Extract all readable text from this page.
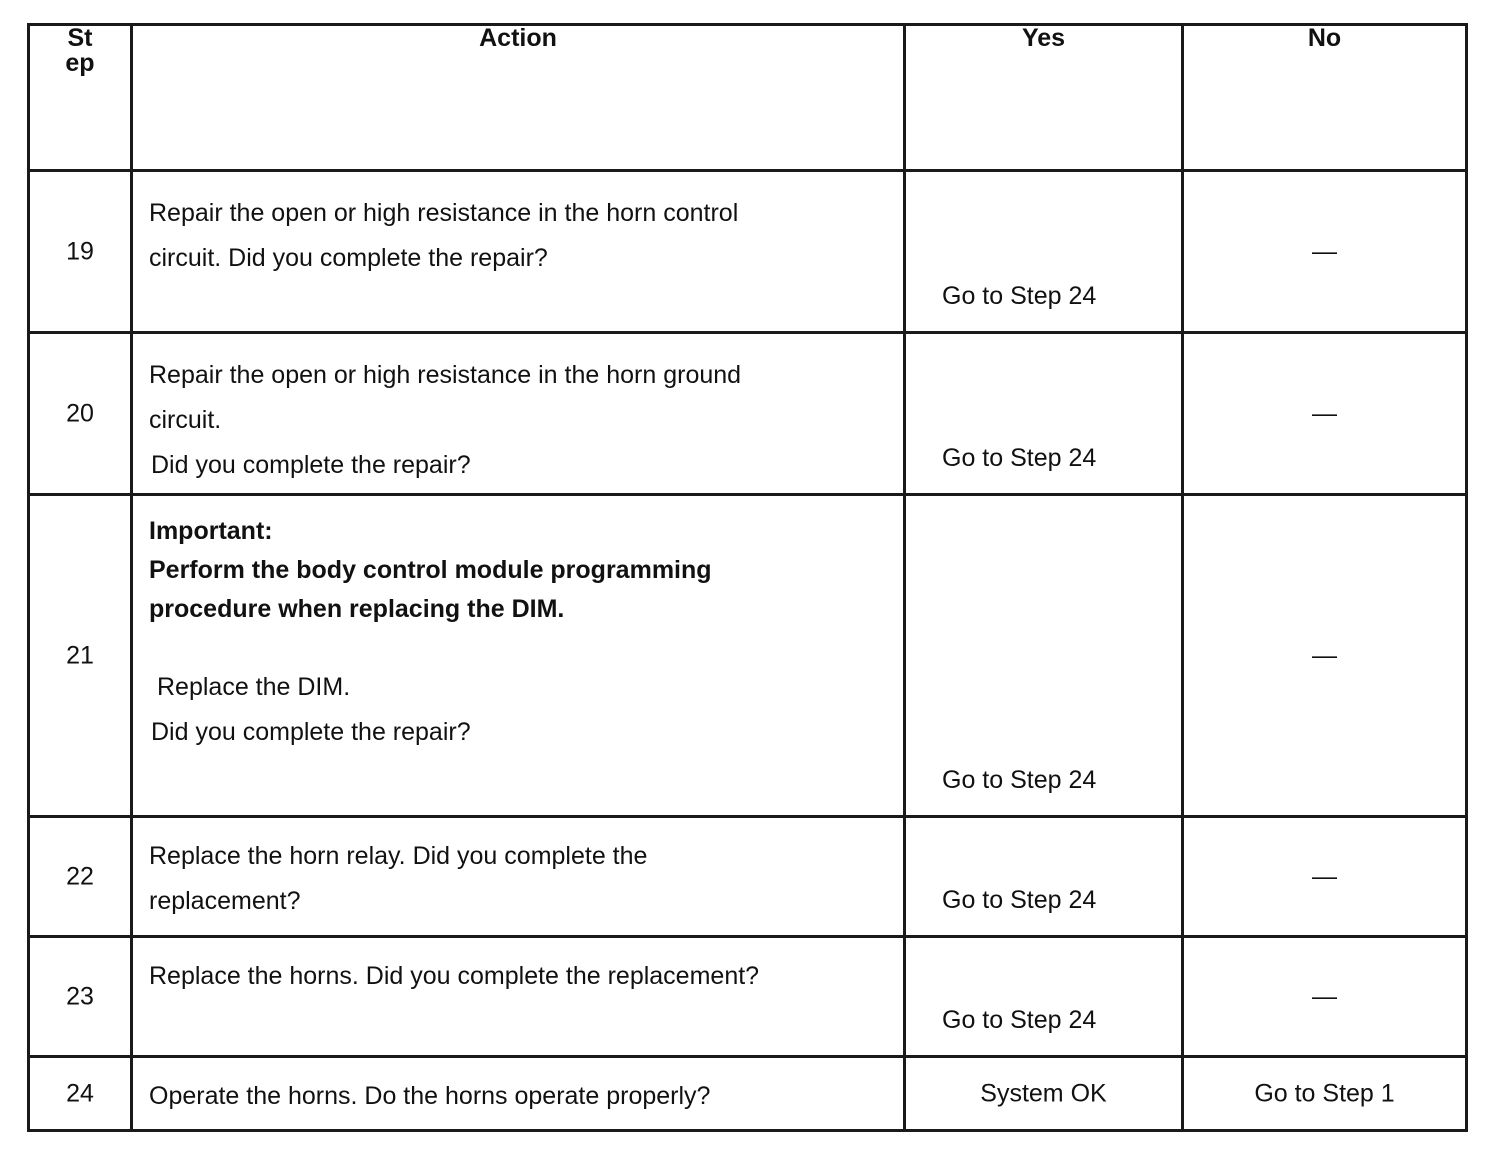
St
ep	Action	Yes	No

19	Repair the open or high resistance in the horn control
circuit. Did you complete the repair?	Go to Step 24	—

20	Repair the open or high resistance in the horn ground
circuit.
Did you complete the repair?	Go to Step 24	—

21	Important:
Perform the body control module programming
procedure when replacing the DIM.
Replace the DIM.
Did you complete the repair?	Go to Step 24	—

22	Replace the horn relay. Did you complete the
replacement?	Go to Step 24	—

23	Replace the horns. Did you complete the replacement?	Go to Step 24	—

24	Operate the horns. Do the horns operate properly?	System OK	Go to Step 1
